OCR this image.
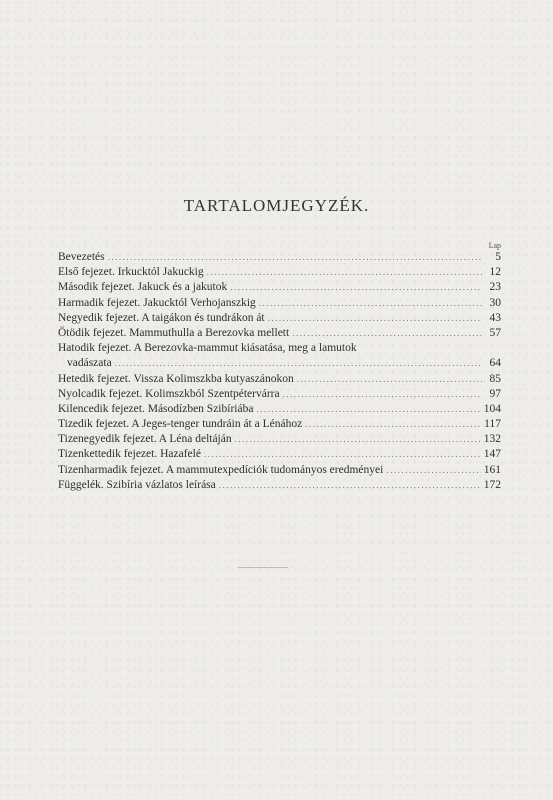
TARTALOMJEGYZÉK.
Lap
Bevezetés .....	5
Első fejezet. Irkucktól Jakuckig .....	12
Második fejezet. Jakuck és a jakutok .....	23
Harmadik fejezet. Jakucktól Verhojanszkig .....	30
Negyedik fejezet. A taigákon és tundrákon át .....	43
Ötödik fejezet. Mammuthulla a Berezovka mellett .....	57
Hatodik fejezet. A Berezovka-mammut kiásatása, meg a lamutok
vadászata .....	64
Hetedik fejezet. Vissza Kolimszkba kutyaszánokon .....	85
Nyolcadik fejezet. Kolimszkból Szentpétervárra .....	97
Kilencedik fejezet. Másodízben Szibíriába .....	104
Tizedik fejezet. A Jeges-tenger tundráin át a Lénához .....	117
Tizenegyedik fejezet. A Léna deltáján .....	132
Tizenkettedik fejezet. Hazafelé .....	147
Tizenharmadik fejezet. A mammutexpedíciók tudományos eredményei .....	161
Függelék. Szibíria vázlatos leírása .....	172
